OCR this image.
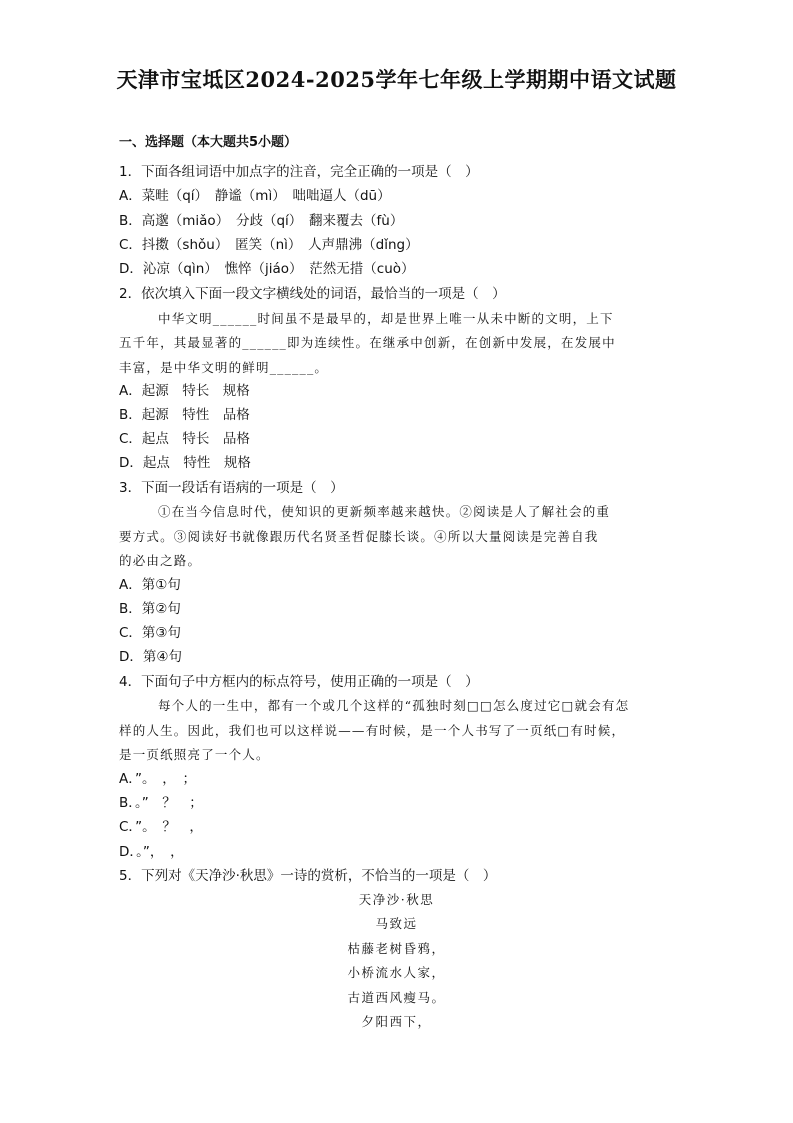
天津市宝坻区2024-2025学年七年级上学期期中语文试题
一、选择题（本大题共5小题）
1．下面各组词语中加点字的注音，完全正确的一项是（　）
A．菜畦（qí）　静谧（mì）　咄咄逼人（dū）
B．高邈（miǎo）　分歧（qí）　翻来覆去（fù）
C．抖擞（shǒu）　匿笑（nì）　人声鼎沸（dǐng）
D．沁凉（qìn）　憔悴（jiáo）　茫然无措（cuò）
2．依次填入下面一段文字横线处的词语，最恰当的一项是（　）
中华文明______时间虽不是最早的，却是世界上唯一从未中断的文明，上下
五千年，其最显著的______即为连续性。在继承中创新，在创新中发展，在发展中
丰富，是中华文明的鲜明______。
A．起源　特长　规格
B．起源　特性　品格
C．起点　特长　品格
D．起点　特性　规格
3．下面一段话有语病的一项是（　）
①在当今信息时代，使知识的更新频率越来越快。②阅读是人了解社会的重
要方式。③阅读好书就像跟历代名贤圣哲促膝长谈。④所以大量阅读是完善自我
的必由之路。
A．第①句
B．第②句
C．第③句
D．第④句
4．下面句子中方框内的标点符号，使用正确的一项是（　）
每个人的一生中，都有一个或几个这样的“孤独时刻□□怎么度过它□就会有怎
样的人生。因此，我们也可以这样说——有时候，是一个人书写了一页纸□有时候，
是一页纸照亮了一个人。
A．”。　，　；
B．。”　？　；
C．”。　？　，
D．。”，　，
5．下列对《天净沙·秋思》一诗的赏析，不恰当的一项是（　）
天净沙·秋思
马致远
枯藤老树昏鸦，
小桥流水人家，
古道西风瘦马。
夕阳西下，
